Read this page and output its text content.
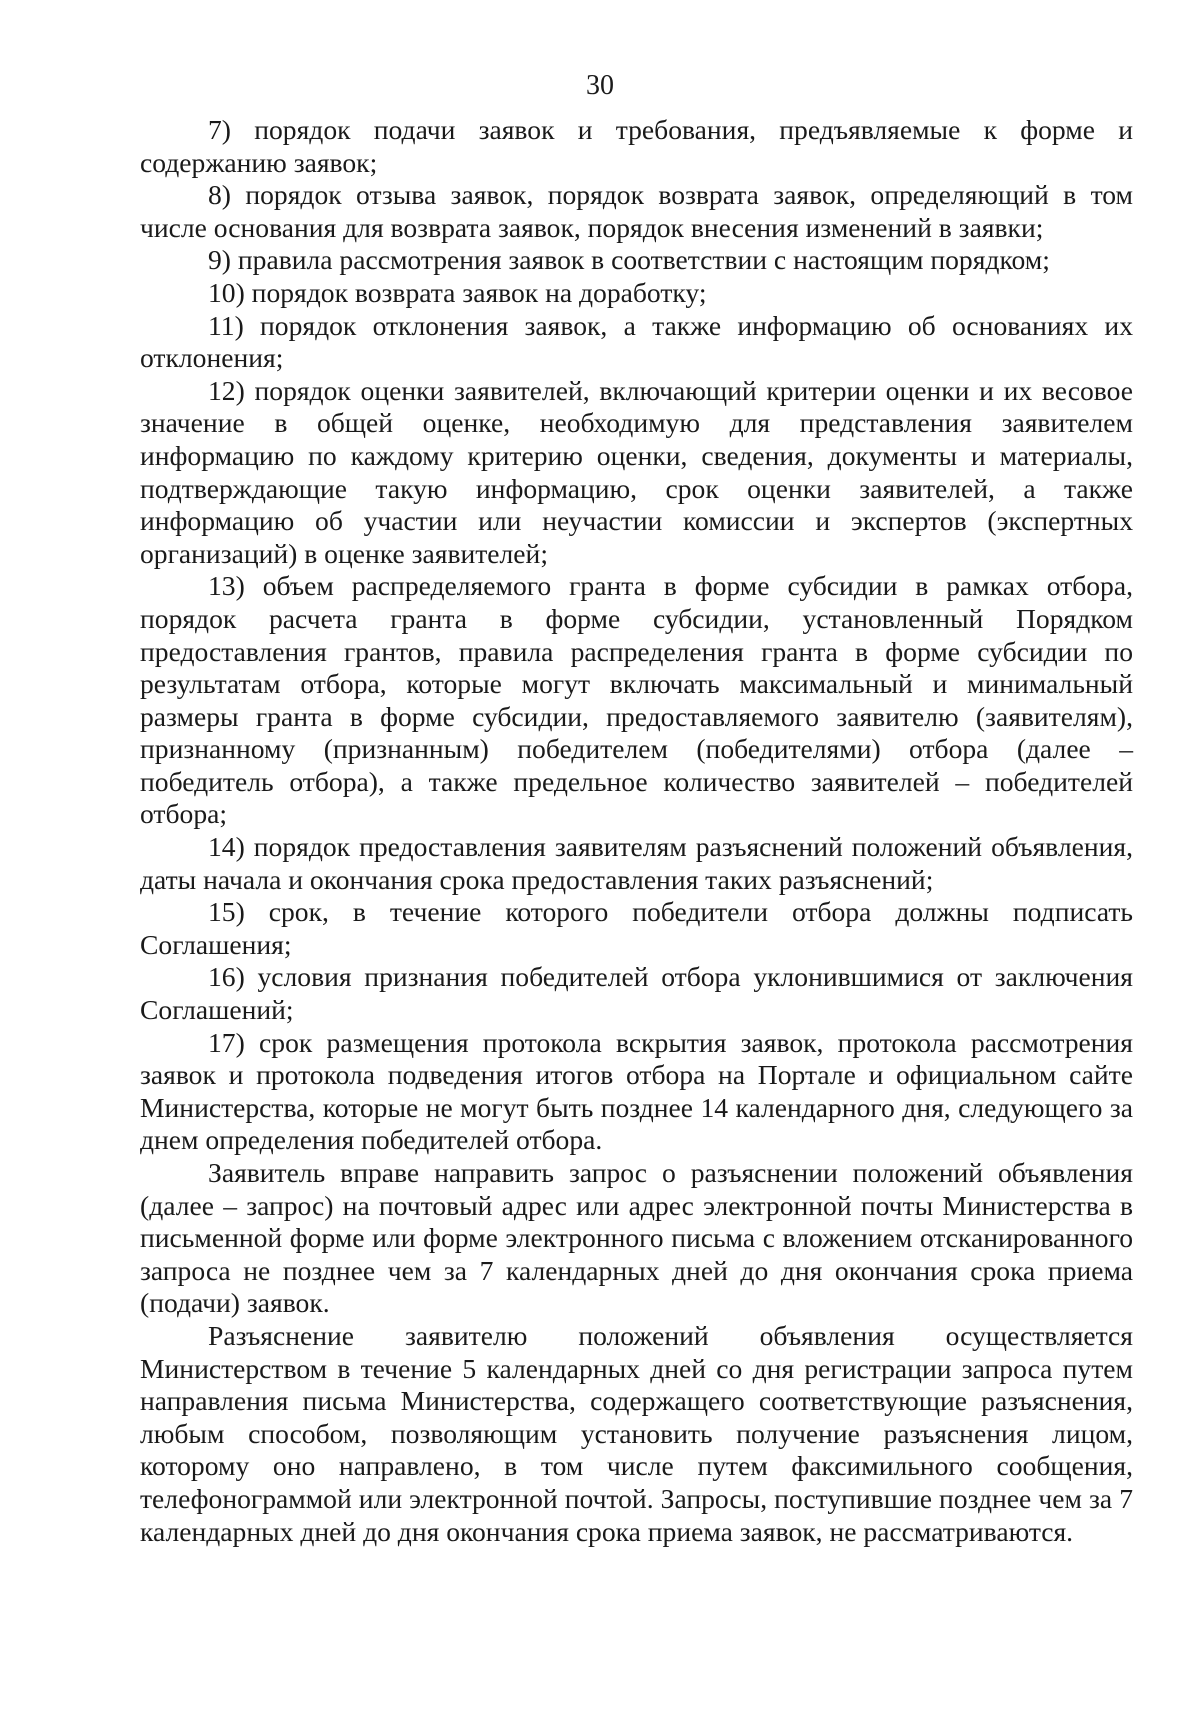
30

7) порядок подачи заявок и требования, предъявляемые к форме и содержанию заявок;

8) порядок отзыва заявок, порядок возврата заявок, определяющий в том числе основания для возврата заявок, порядок внесения изменений в заявки;

9) правила рассмотрения заявок в соответствии с настоящим порядком;

10) порядок возврата заявок на доработку;

11) порядок отклонения заявок, а также информацию об основаниях их отклонения;

12) порядок оценки заявителей, включающий критерии оценки и их весовое значение в общей оценке, необходимую для представления заявителем информацию по каждому критерию оценки, сведения, документы и материалы, подтверждающие такую информацию, срок оценки заявителей, а также информацию об участии или неучастии комиссии и экспертов (экспертных организаций) в оценке заявителей;

13) объем распределяемого гранта в форме субсидии в рамках отбора, порядок расчета гранта в форме субсидии, установленный Порядком предоставления грантов, правила распределения гранта в форме субсидии по результатам отбора, которые могут включать максимальный и минимальный размеры гранта в форме субсидии, предоставляемого заявителю (заявителям), признанному (признанным) победителем (победителями) отбора (далее – победитель отбора), а также предельное количество заявителей – победителей отбора;

14) порядок предоставления заявителям разъяснений положений объявления, даты начала и окончания срока предоставления таких разъяснений;

15) срок, в течение которого победители отбора должны подписать Соглашения;

16) условия признания победителей отбора уклонившимися от заключения Соглашений;

17) срок размещения протокола вскрытия заявок, протокола рассмотрения заявок и протокола подведения итогов отбора на Портале и официальном сайте Министерства, которые не могут быть позднее 14 календарного дня, следующего за днем определения победителей отбора.

Заявитель вправе направить запрос о разъяснении положений объявления (далее – запрос) на почтовый адрес или адрес электронной почты Министерства в письменной форме или форме электронного письма с вложением отсканированного запроса не позднее чем за 7 календарных дней до дня окончания срока приема (подачи) заявок.

Разъяснение заявителю положений объявления осуществляется Министерством в течение 5 календарных дней со дня регистрации запроса путем направления письма Министерства, содержащего соответствующие разъяснения, любым способом, позволяющим установить получение разъяснения лицом, которому оно направлено, в том числе путем факсимильного сообщения, телефонограммой или электронной почтой. Запросы, поступившие позднее чем за 7 календарных дней до дня окончания срока приема заявок, не рассматриваются.
